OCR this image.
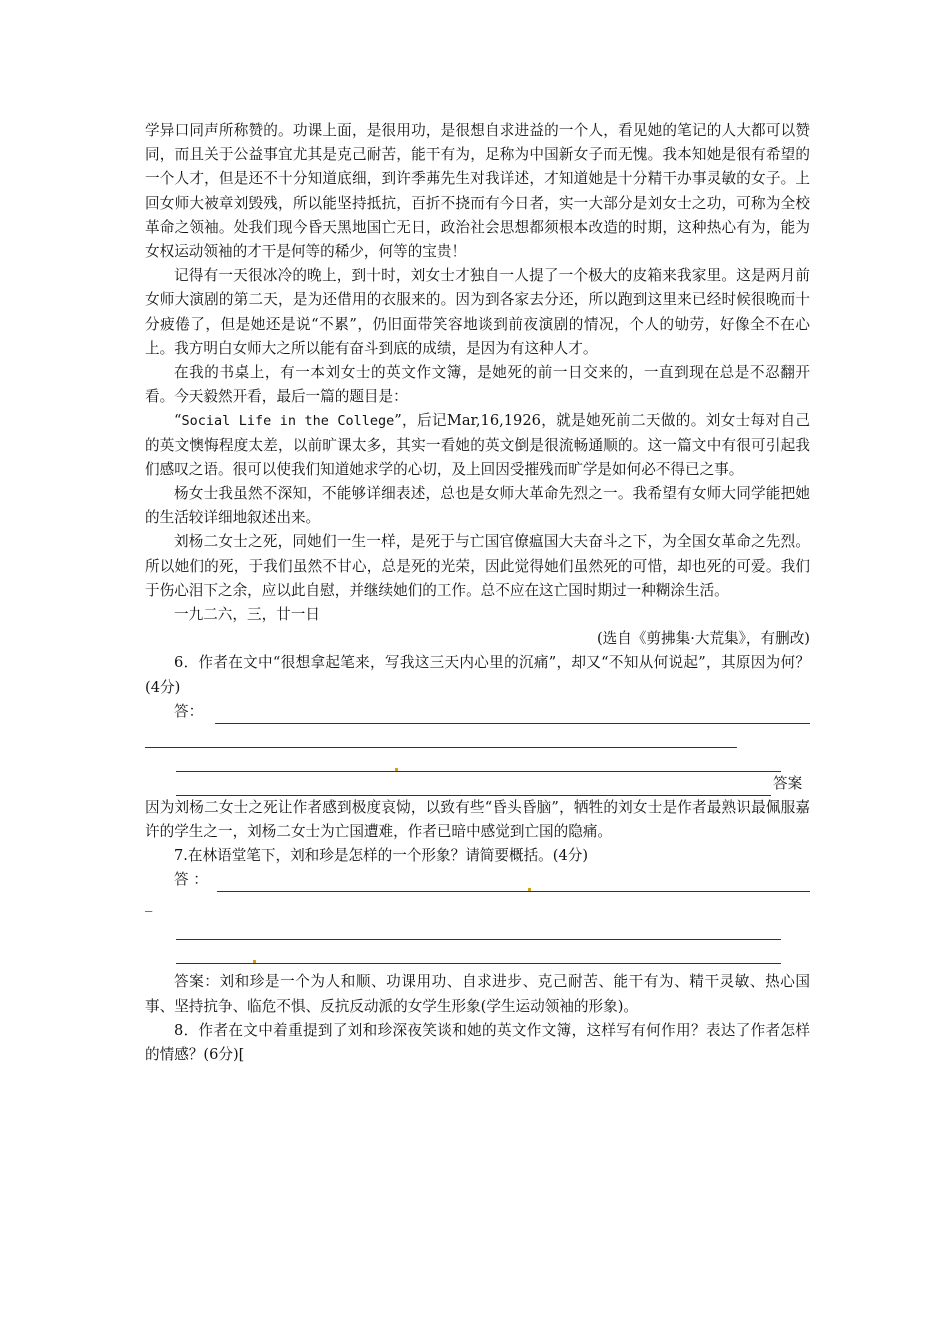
学异口同声所称赞的。功课上面，是很用功，是很想自求进益的一个人，看见她的笔记的人大都可以赞同，而且关于公益事宜尤其是克己耐苦，能干有为，足称为中国新女子而无愧。我本知她是很有希望的一个人才，但是还不十分知道底细，到许季茀先生对我详述，才知道她是十分精干办事灵敏的女子。上回女师大被章刘毁残，所以能坚持抵抗，百折不挠而有今日者，实一大部分是刘女士之功，可称为全校革命之领袖。处我们现今昏天黑地国亡无日，政治社会思想都须根本改造的时期，这种热心有为，能为女权运动领袖的才干是何等的稀少，何等的宝贵！

记得有一天很冰冷的晚上，到十时，刘女士才独自一人提了一个极大的皮箱来我家里。这是两月前女师大演剧的第二天，是为还借用的衣服来的。因为到各家去分还，所以跑到这里来已经时候很晚而十分疲倦了，但是她还是说“不累”，仍旧面带笑容地谈到前夜演剧的情况，个人的劬劳，好像全不在心上。我方明白女师大之所以能有奋斗到底的成绩，是因为有这种人才。

在我的书桌上，有一本刘女士的英文作文簿，是她死的前一日交来的，一直到现在总是不忍翻开看。今天毅然开看，最后一篇的题目是：

“Social Life in the College”，后记Mar,16,1926，就是她死前二天做的。刘女士每对自己的英文懊悔程度太差，以前旷课太多，其实一看她的英文倒是很流畅通顺的。这一篇文中有很可引起我们感叹之语。很可以使我们知道她求学的心切，及上回因受摧残而旷学是如何必不得已之事。

杨女士我虽然不深知，不能够详细表述，总也是女师大革命先烈之一。我希望有女师大同学能把她的生活较详细地叙述出来。

刘杨二女士之死，同她们一生一样，是死于与亡国官僚瘟国大夫奋斗之下，为全国女革命之先烈。所以她们的死，于我们虽然不甘心，总是死的光荣，因此觉得她们虽然死的可惜，却也死的可爱。我们于伤心泪下之余，应以此自慰，并继续她们的工作。总不应在这亡国时期过一种糊涂生活。

一九二六，三，廿一日

(选自《剪拂集·大荒集》，有删改)

6．作者在文中“很想拿起笔来，写我这三天内心里的沉痛”，却又“不知从何说起”，其原因为何？(4分)

答：
答案

因为刘杨二女士之死让作者感到极度哀恸，以致有些“昏头昏脑”，牺牲的刘女士是作者最熟识最佩服嘉许的学生之一，刘杨二女士为亡国遭难，作者已暗中感觉到亡国的隐痛。

7.在林语堂笔下，刘和珍是怎样的一个形象？请简要概括。(4分)

答 ：
_

答案：刘和珍是一个为人和顺、功课用功、自求进步、克己耐苦、能干有为、精干灵敏、热心国事、坚持抗争、临危不惧、反抗反动派的女学生形象(学生运动领袖的形象)。

8．作者在文中着重提到了刘和珍深夜笑谈和她的英文作文簿，这样写有何作用？表达了作者怎样的情感？(6分)[
